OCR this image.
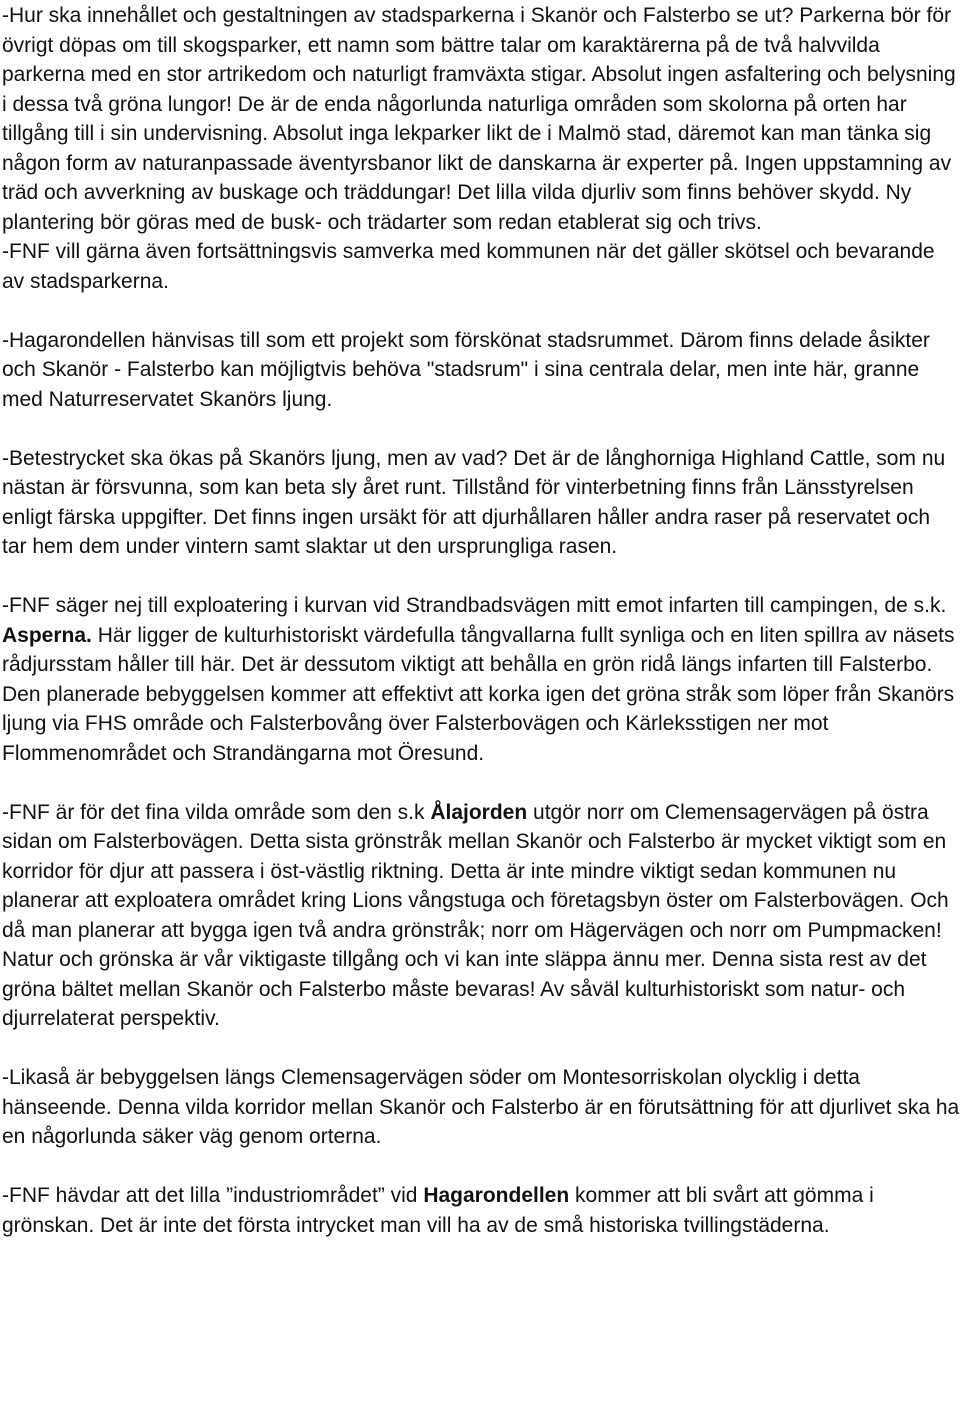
-Hur ska innehållet och gestaltningen av stadsparkerna i Skanör och Falsterbo se ut? Parkerna bör för övrigt döpas om till skogsparker, ett namn som bättre talar om karaktärerna på de två halvvilda parkerna med en stor artrikedom och naturligt framväxta stigar. Absolut ingen asfaltering och belysning i dessa två gröna lungor! De är de enda någorlunda naturliga områden som skolorna på orten har tillgång till i sin undervisning. Absolut inga lekparker likt de i Malmö stad, däremot kan man tänka sig någon form av naturanpassade äventyrsbanor likt de danskarna är experter på. Ingen uppstamning av träd och avverkning av buskage och träddungar! Det lilla vilda djurliv som finns behöver skydd. Ny plantering bör göras med de busk- och trädarter som redan etablerat sig och trivs.
-FNF vill gärna även fortsättningsvis samverka med kommunen när det gäller skötsel och bevarande av stadsparkerna.

-Hagarondellen hänvisas till som ett projekt som förskönat stadsrummet. Därom finns delade åsikter och Skanör - Falsterbo kan möjligtvis behöva "stadsrum" i sina centrala delar, men inte här, granne med Naturreservatet Skanörs ljung.

-Betestrycket ska ökas på Skanörs ljung, men av vad? Det är de långhorniga Highland Cattle, som nu nästan är försvunna, som kan beta sly året runt. Tillstånd för vinterbetning finns från Länsstyrelsen enligt färska uppgifter. Det finns ingen ursäkt för att djurhållaren håller andra raser på reservatet och tar hem dem under vintern samt slaktar ut den ursprungliga rasen.

-FNF säger nej till exploatering i kurvan vid Strandbadsvägen mitt emot infarten till campingen, de s.k. Asperna. Här ligger de kulturhistoriskt värdefulla tångvallarna fullt synliga och en liten spillra av näsets rådjursstam håller till här. Det är dessutom viktigt att behålla en grön ridå längs infarten till Falsterbo. Den planerade bebyggelsen kommer att effektivt att korka igen det gröna stråk som löper från Skanörs ljung via FHS område och Falsterbovång över Falsterbovägen och Kärleksstigen ner mot Flommenområdet och Strandängarna mot Öresund.

-FNF är för det fina vilda område som den s.k Ålajorden utgör norr om Clemensagervägen på östra sidan om Falsterbovägen. Detta sista grönstråk mellan Skanör och Falsterbo är mycket viktigt som en korridor för djur att passera i öst-västlig riktning. Detta är inte mindre viktigt sedan kommunen nu planerar att exploatera området kring Lions vångstuga och företagsbyn öster om Falsterbovägen. Och då man planerar att bygga igen två andra grönstråk; norr om Hägervägen och norr om Pumpmacken! Natur och grönska är vår viktigaste tillgång och vi kan inte släppa ännu mer. Denna sista rest av det gröna bältet mellan Skanör och Falsterbo måste bevaras! Av såväl kulturhistoriskt som natur- och djurrelaterat perspektiv.

-Likaså är bebyggelsen längs Clemensagervägen söder om Montesorriskolan olycklig i detta hänseende. Denna vilda korridor mellan Skanör och Falsterbo är en förutsättning för att djurlivet ska ha en någorlunda säker väg genom orterna.

-FNF hävdar att det lilla ”industriområdet” vid Hagarondellen kommer att bli svårt att gömma i grönskan. Det är inte det första intrycket man vill ha av de små historiska tvillingstäderna.
